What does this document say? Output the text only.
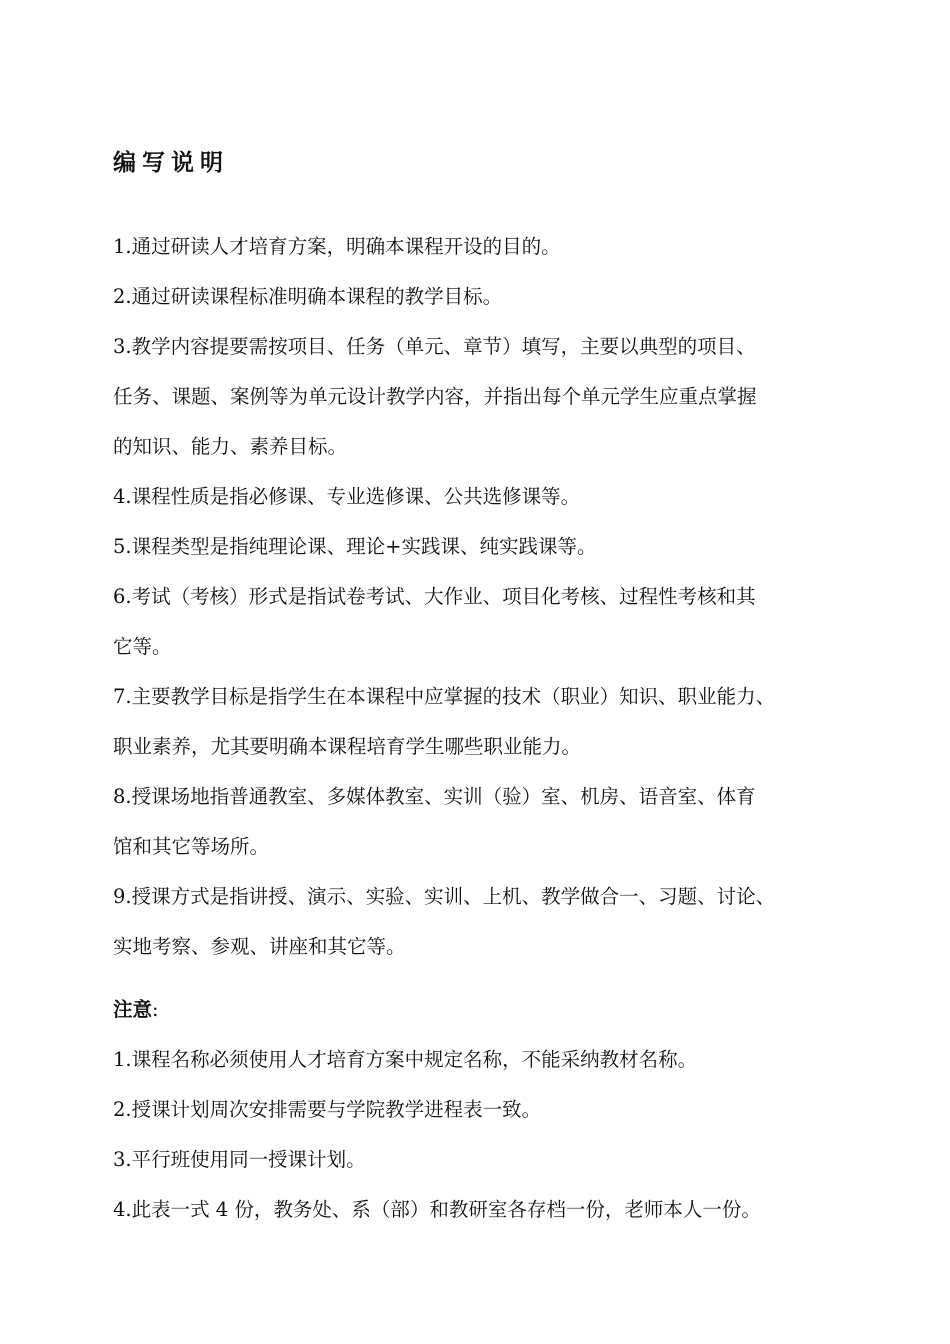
编写说明
1.通过研读人才培育方案，明确本课程开设的目的。
2.通过研读课程标准明确本课程的教学目标。
3.教学内容提要需按项目、任务（单元、章节）填写，主要以典型的项目、
任务、课题、案例等为单元设计教学内容，并指出每个单元学生应重点掌握
的知识、能力、素养目标。
4.课程性质是指必修课、专业选修课、公共选修课等。
5.课程类型是指纯理论课、理论+实践课、纯实践课等。
6.考试（考核）形式是指试卷考试、大作业、项目化考核、过程性考核和其
它等。
7.主要教学目标是指学生在本课程中应掌握的技术（职业）知识、职业能力、
职业素养，尤其要明确本课程培育学生哪些职业能力。
8.授课场地指普通教室、多媒体教室、实训（验）室、机房、语音室、体育
馆和其它等场所。
9.授课方式是指讲授、演示、实验、实训、上机、教学做合一、习题、讨论、
实地考察、参观、讲座和其它等。

注意:

1.课程名称必须使用人才培育方案中规定名称，不能采纳教材名称。
2.授课计划周次安排需要与学院教学进程表一致。
3.平行班使用同一授课计划。
4.此表一式 4 份，教务处、系（部）和教研室各存档一份，老师本人一份。
